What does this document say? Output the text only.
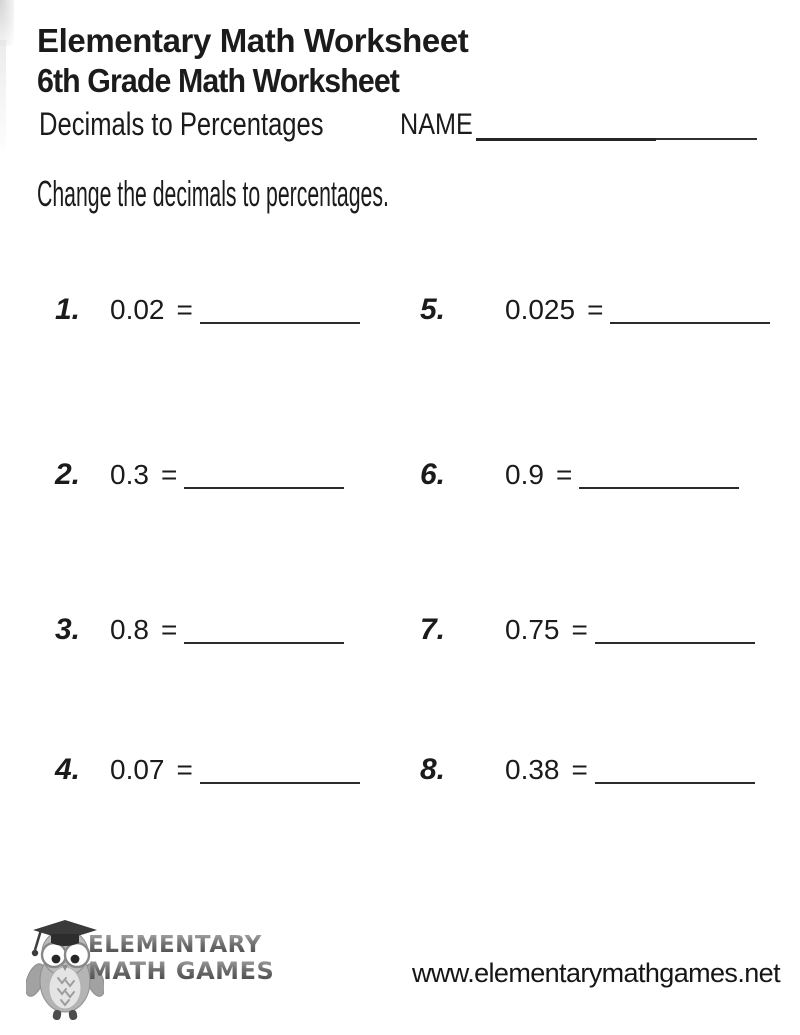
Elementary Math Worksheet
6th Grade Math Worksheet
Decimals to Percentages	NAME
Change the decimals to percentages.
1. 0.02 =	5. 0.025 =
2. 0.3 =	6. 0.9 =
3. 0.8 =	7. 0.75 =
4. 0.07 =	8. 0.38 =
ELEMENTARY
MATH GAMES	www.elementarymathgames.net
